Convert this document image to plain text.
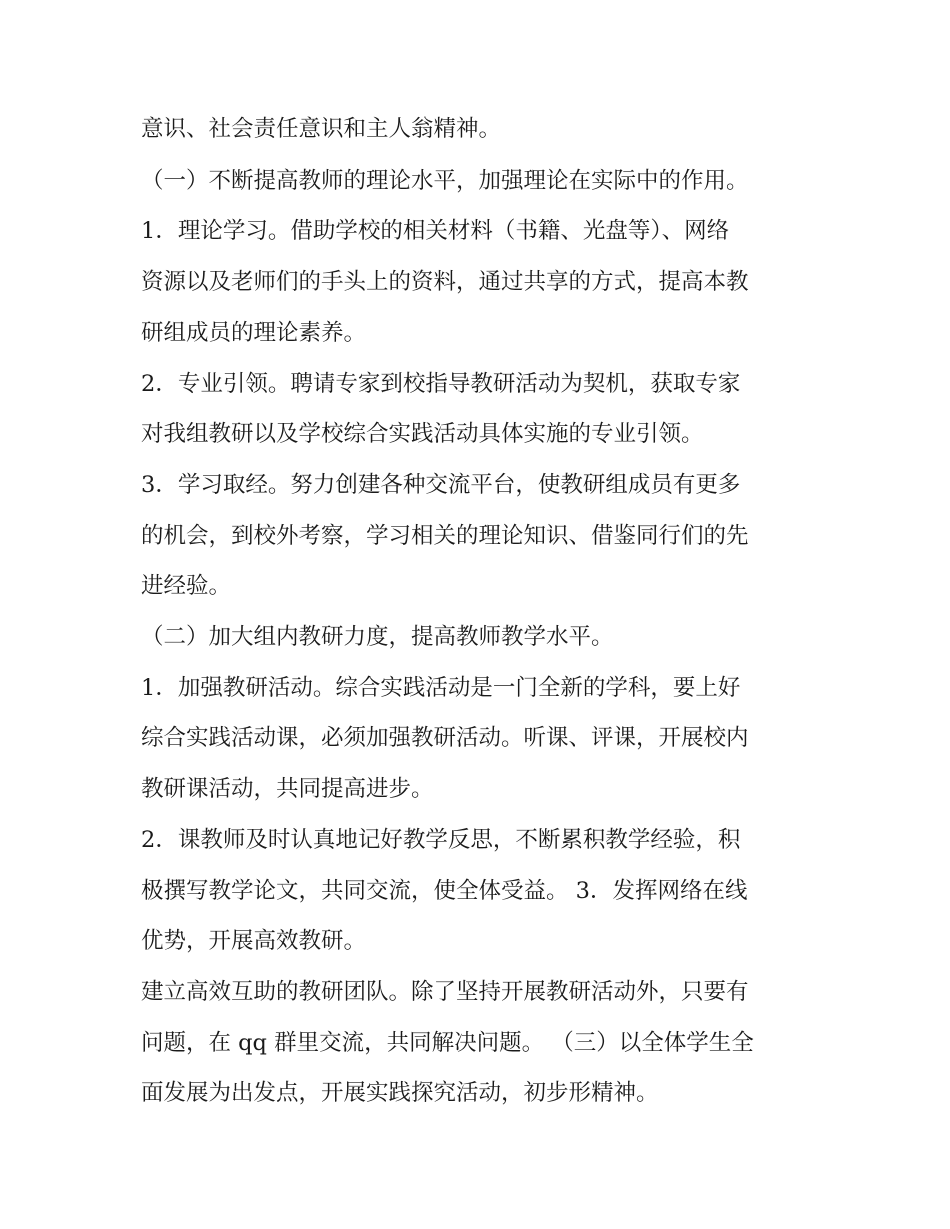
意识、社会责任意识和主人翁精神。

（一）不断提高教师的理论水平，加强理论在实际中的作用。

1．理论学习。借助学校的相关材料（书籍、光盘等）、网络

资源以及老师们的手头上的资料，通过共享的方式，提高本教

研组成员的理论素养。

2．专业引领。聘请专家到校指导教研活动为契机，获取专家

对我组教研以及学校综合实践活动具体实施的专业引领。

3．学习取经。努力创建各种交流平台，使教研组成员有更多

的机会，到校外考察，学习相关的理论知识、借鉴同行们的先

进经验。

（二）加大组内教研力度，提高教师教学水平。

1．加强教研活动。综合实践活动是一门全新的学科，要上好

综合实践活动课，必须加强教研活动。听课、评课，开展校内

教研课活动，共同提高进步。

2．课教师及时认真地记好教学反思，不断累积教学经验，积

极撰写教学论文，共同交流，使全体受益。 3．发挥网络在线

优势，开展高效教研。

建立高效互助的教研团队。除了坚持开展教研活动外，只要有

问题，在 qq 群里交流，共同解决问题。 （三）以全体学生全

面发展为出发点，开展实践探究活动，初步形精神。
